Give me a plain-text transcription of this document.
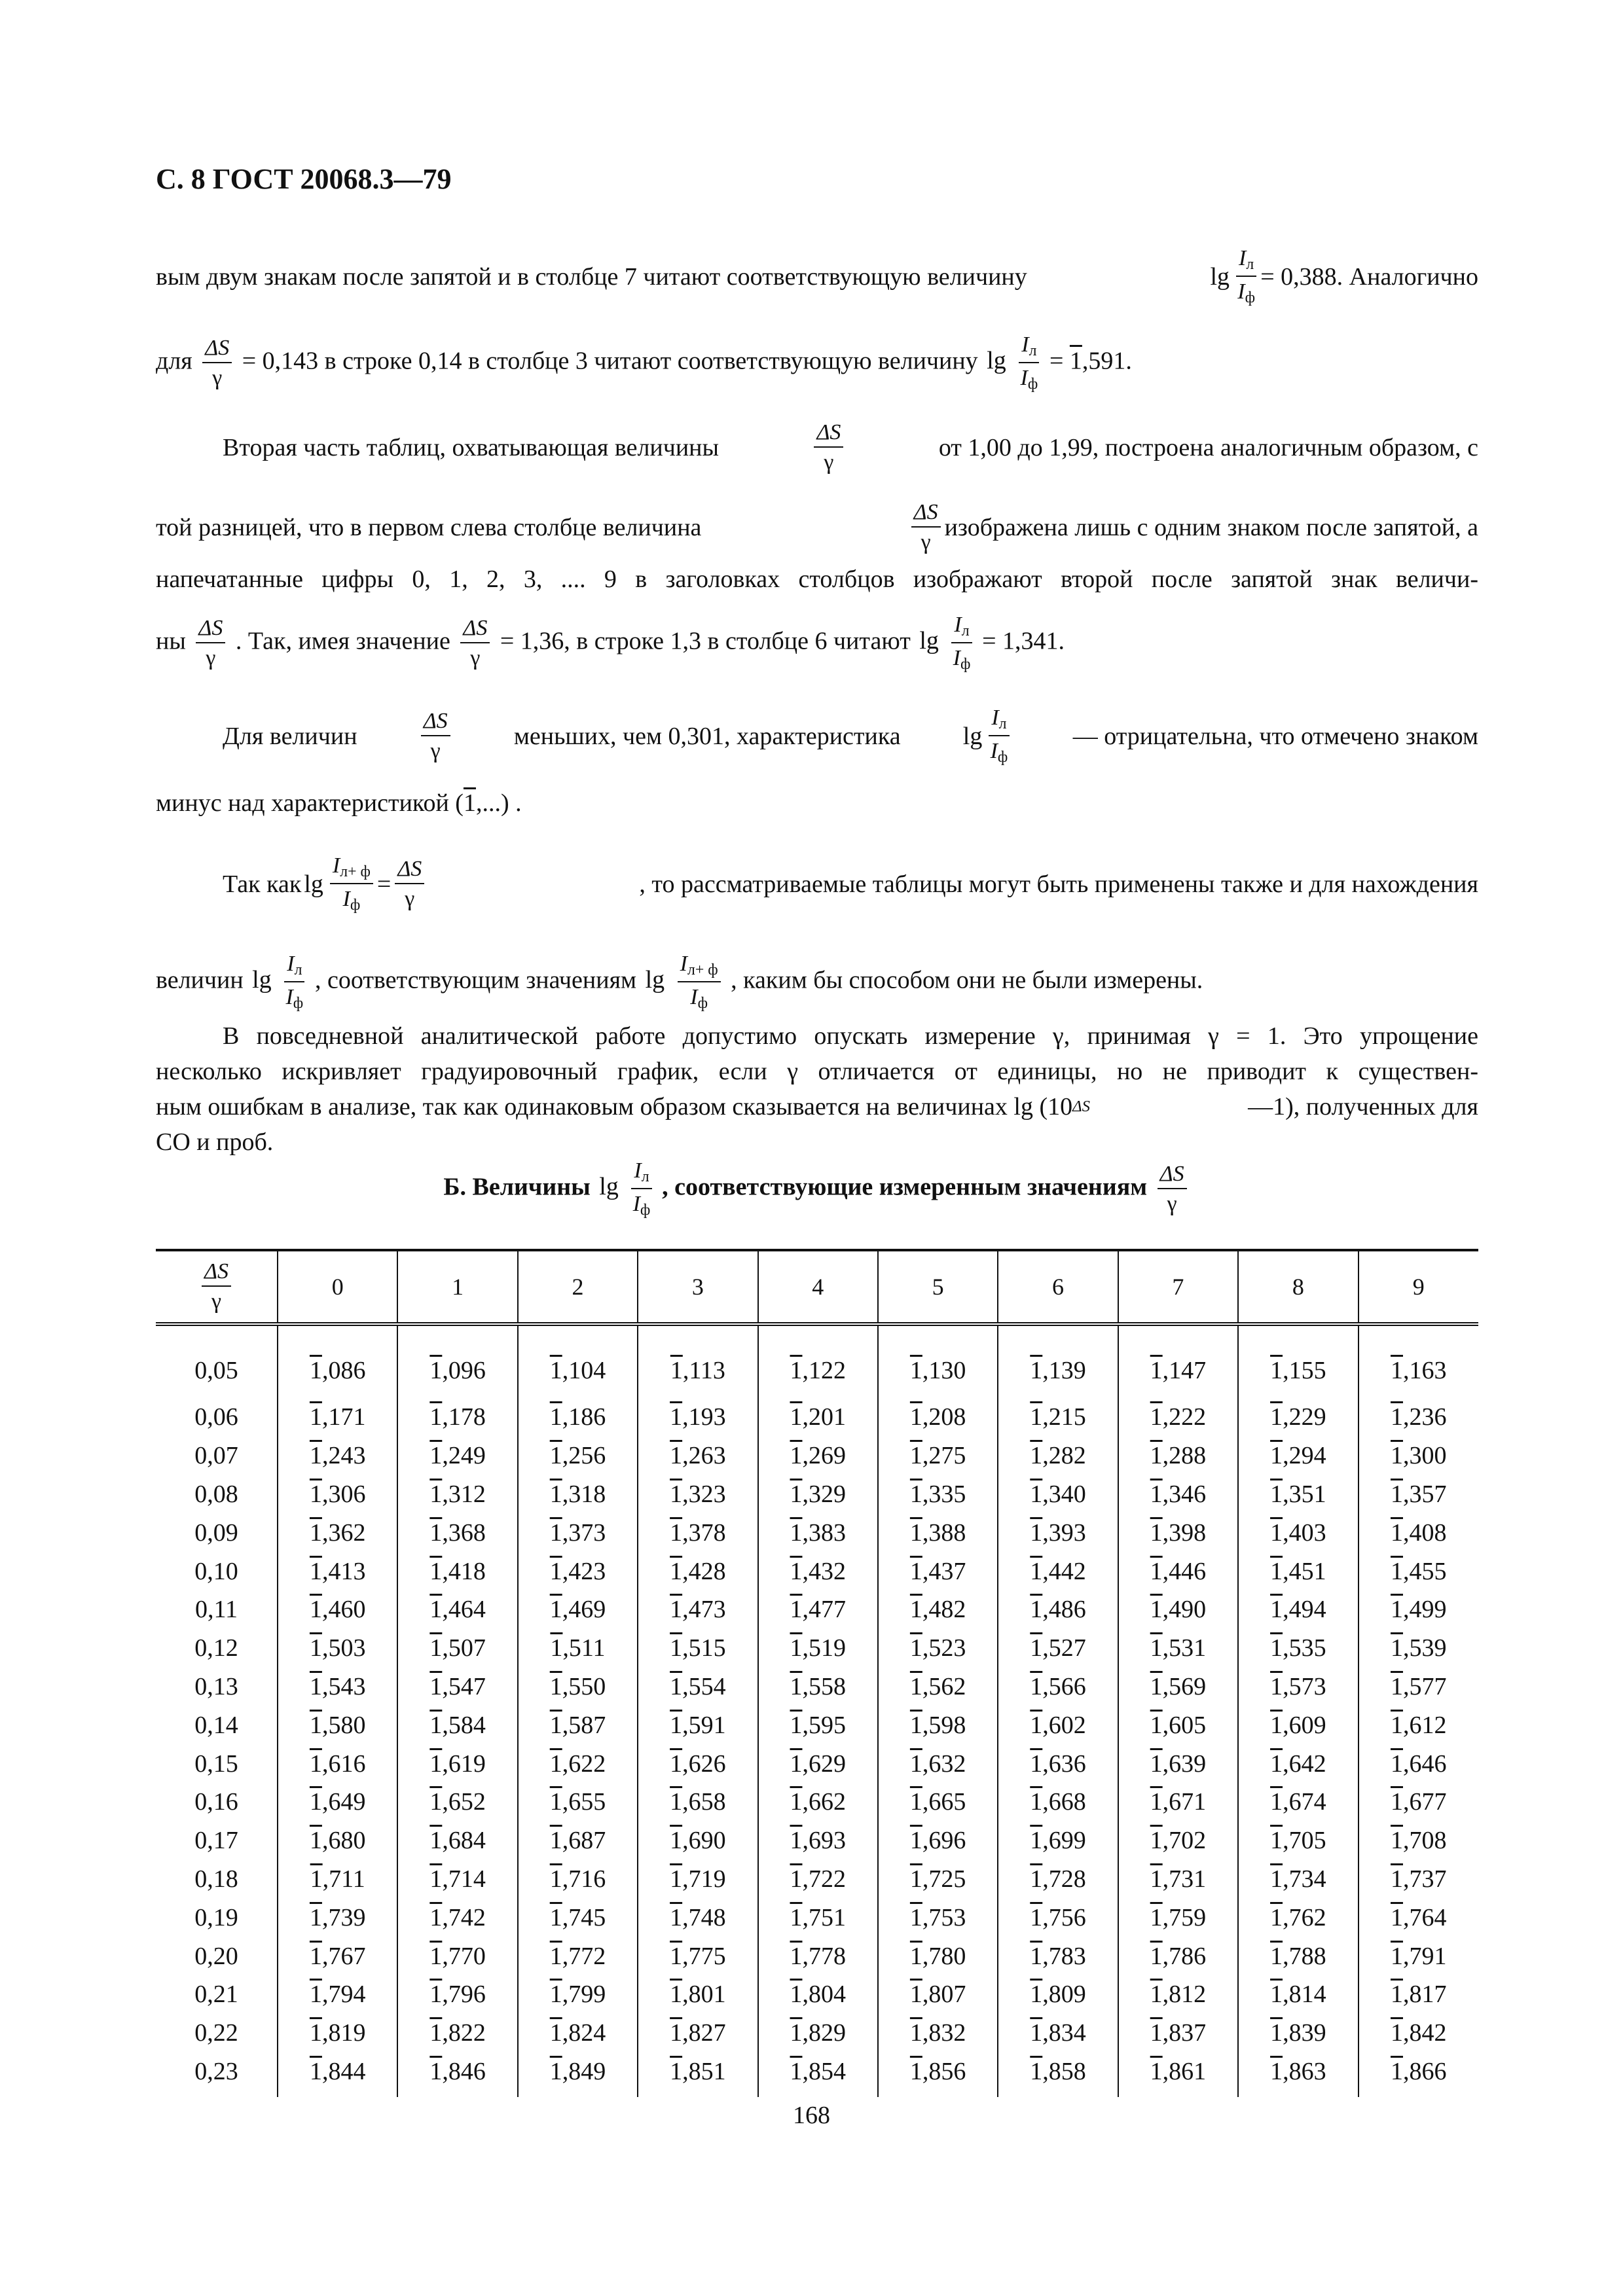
С. 8 ГОСТ 20068.3—79
вым двум знакам после запятой и в столбце 7 читают соответствующую величину	$\lg \frac{I_л}{I_ф} = 0,388$. Аналогично
для $\frac{\Delta S}{\gamma} = 0,143$ в строке 0,14 в столбце 3 читают соответствующую величину $\lg \frac{I_л}{I_ф} = 1,591$.
Вторая часть таблиц, охватывающая величины	$\frac{\Delta S}{\gamma}$	от 1,00 до 1,99, построена аналогичным образом, с
той разницей, что в первом слева столбце величина	$\frac{\Delta S}{\gamma}$ изображена лишь с одним знаком после запятой, а
напечатанные цифры 0, 1, 2, 3, .... 9 в заголовках столбцов изображают второй после запятой знак величи-
ны $\frac{\Delta S}{\gamma}$ . Так, имея значение $\frac{\Delta S}{\gamma} = 1,36$, в строке 1,3 в столбце 6 читают $\lg \frac{I_л}{I_ф} = 1,341$.
Для величин	$\frac{\Delta S}{\gamma}$	меньших, чем 0,301, характеристика	$\lg \frac{I_л}{I_ф}$	— отрицательна, что отмечено знаком
минус над характеристикой (1,...) .
Так как $\lg \frac{I_{л+ ф}}{I_ф} = \frac{\Delta S}{\gamma}$	, то рассматриваемые таблицы могут быть применены также и для нахождения
величин $\lg \frac{I_л}{I_ф}$ , соответствующим значениям $\lg \frac{I_{л+ ф}}{I_ф}$ , каким бы способом они не были измерены.
В повседневной аналитической работе допустимо опускать измерение γ, принимая γ = 1. Это упрощение
несколько искривляет градуировочный график, если γ отличается от единицы, но не приводит к существен-
ным ошибкам в анализе, так как одинаковым образом сказывается на величинах lg (10 ΔS	—1), полученных для
СО и проб.
Б. Величины $\lg \frac{I_л}{I_ф}$ , соответствующие измеренным значениям $\frac{\Delta S}{\gamma}$
$\frac{\Delta S}{\gamma}$	0	1	2	3	4	5	6	7	8	9
0,05	1,086	1,096	1,104	1,113	1,122	1,130	1,139	1,147	1,155	1,163
0,06	1,171	1,178	1,186	1,193	1,201	1,208	1,215	1,222	1,229	1,236
0,07	1,243	1,249	1,256	1,263	1,269	1,275	1,282	1,288	1,294	1,300
0,08	1,306	1,312	1,318	1,323	1,329	1,335	1,340	1,346	1,351	1,357
0,09	1,362	1,368	1,373	1,378	1,383	1,388	1,393	1,398	1,403	1,408
0,10	1,413	1,418	1,423	1,428	1,432	1,437	1,442	1,446	1,451	1,455
0,11	1,460	1,464	1,469	1,473	1,477	1,482	1,486	1,490	1,494	1,499
0,12	1,503	1,507	1,511	1,515	1,519	1,523	1,527	1,531	1,535	1,539
0,13	1,543	1,547	1,550	1,554	1,558	1,562	1,566	1,569	1,573	1,577
0,14	1,580	1,584	1,587	1,591	1,595	1,598	1,602	1,605	1,609	1,612
0,15	1,616	1,619	1,622	1,626	1,629	1,632	1,636	1,639	1,642	1,646
0,16	1,649	1,652	1,655	1,658	1,662	1,665	1,668	1,671	1,674	1,677
0,17	1,680	1,684	1,687	1,690	1,693	1,696	1,699	1,702	1,705	1,708
0,18	1,711	1,714	1,716	1,719	1,722	1,725	1,728	1,731	1,734	1,737
0,19	1,739	1,742	1,745	1,748	1,751	1,753	1,756	1,759	1,762	1,764
0,20	1,767	1,770	1,772	1,775	1,778	1,780	1,783	1,786	1,788	1,791
0,21	1,794	1,796	1,799	1,801	1,804	1,807	1,809	1,812	1,814	1,817
0,22	1,819	1,822	1,824	1,827	1,829	1,832	1,834	1,837	1,839	1,842
0,23	1,844	1,846	1,849	1,851	1,854	1,856	1,858	1,861	1,863	1,866
168
